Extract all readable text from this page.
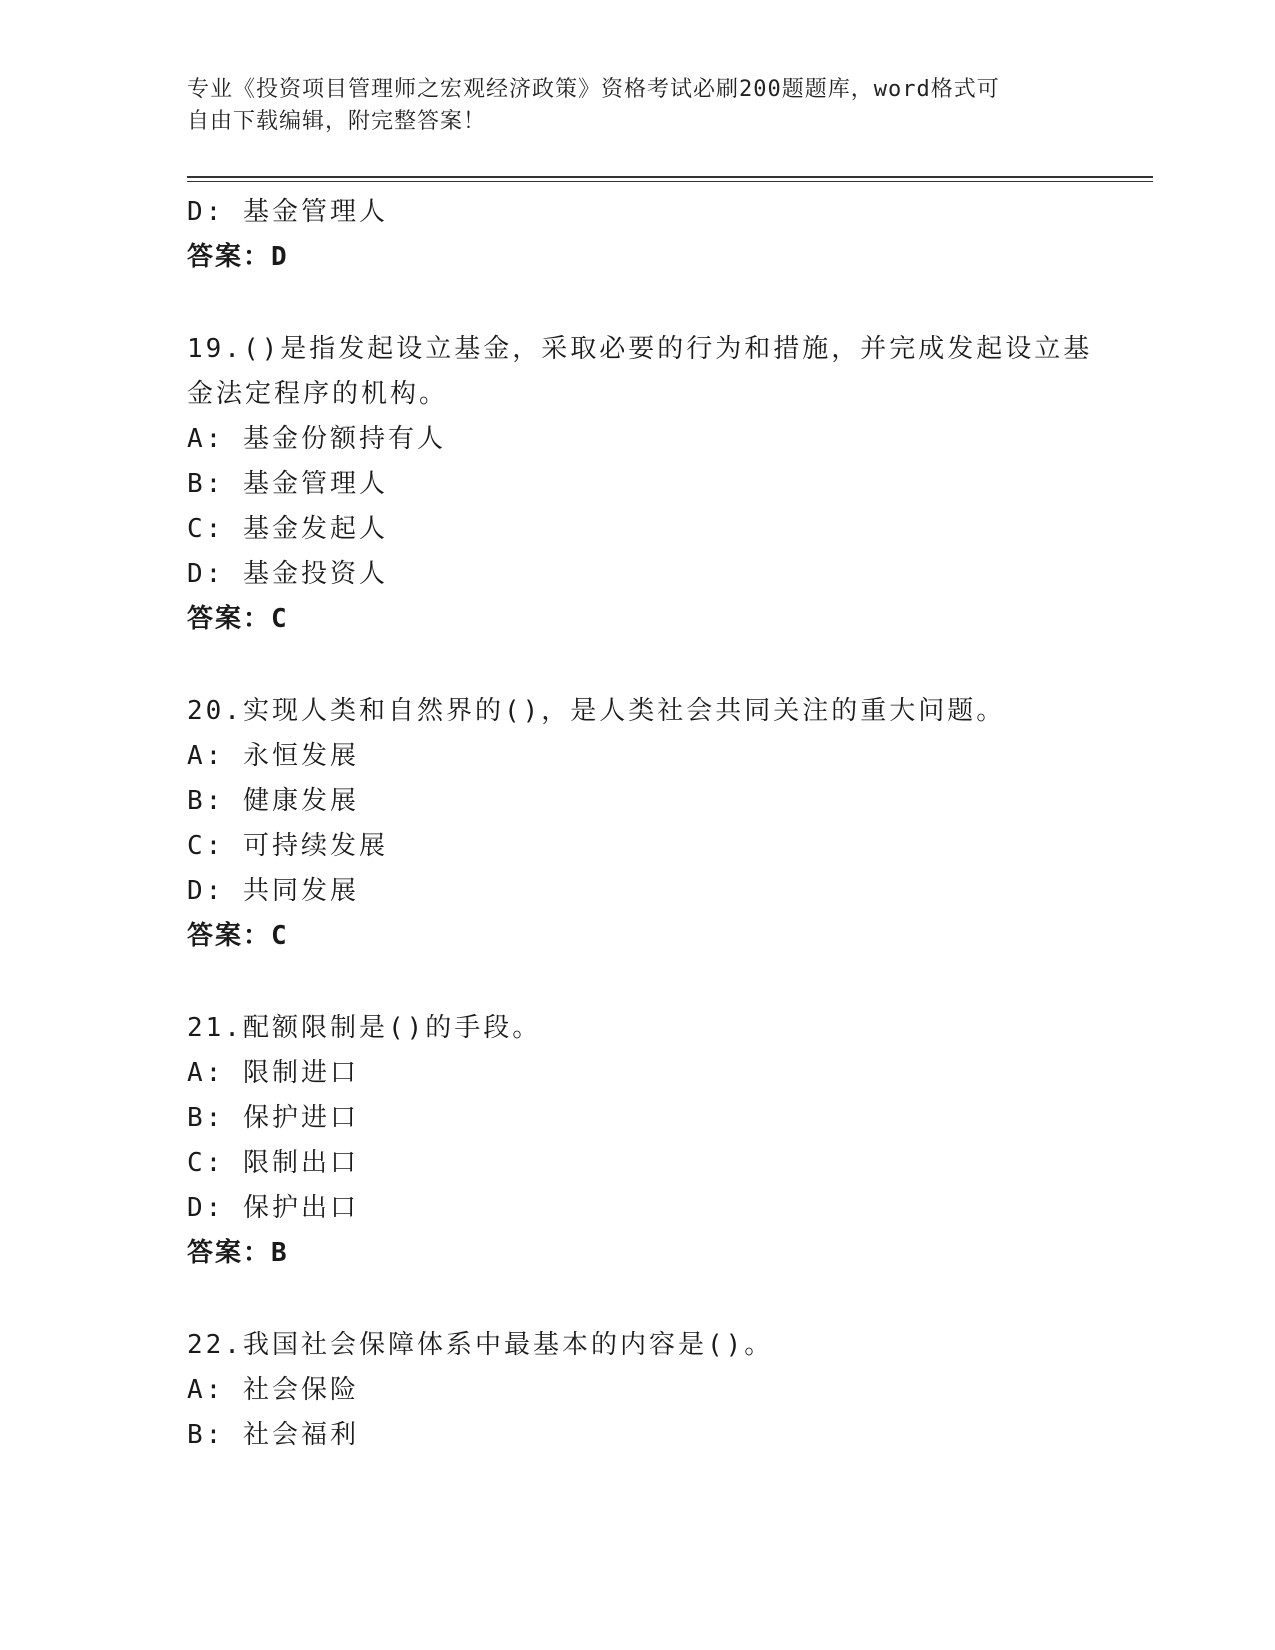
专业《投资项目管理师之宏观经济政策》资格考试必刷200题题库，word格式可
自由下载编辑，附完整答案！
D: 基金管理人
答案：D
19.()是指发起设立基金，采取必要的行为和措施，并完成发起设立基
金法定程序的机构。
A: 基金份额持有人
B: 基金管理人
C: 基金发起人
D: 基金投资人
答案：C
20.实现人类和自然界的()，是人类社会共同关注的重大问题。
A: 永恒发展
B: 健康发展
C: 可持续发展
D: 共同发展
答案：C
21.配额限制是()的手段。
A: 限制进口
B: 保护进口
C: 限制出口
D: 保护出口
答案：B
22.我国社会保障体系中最基本的内容是()。
A: 社会保险
B: 社会福利
